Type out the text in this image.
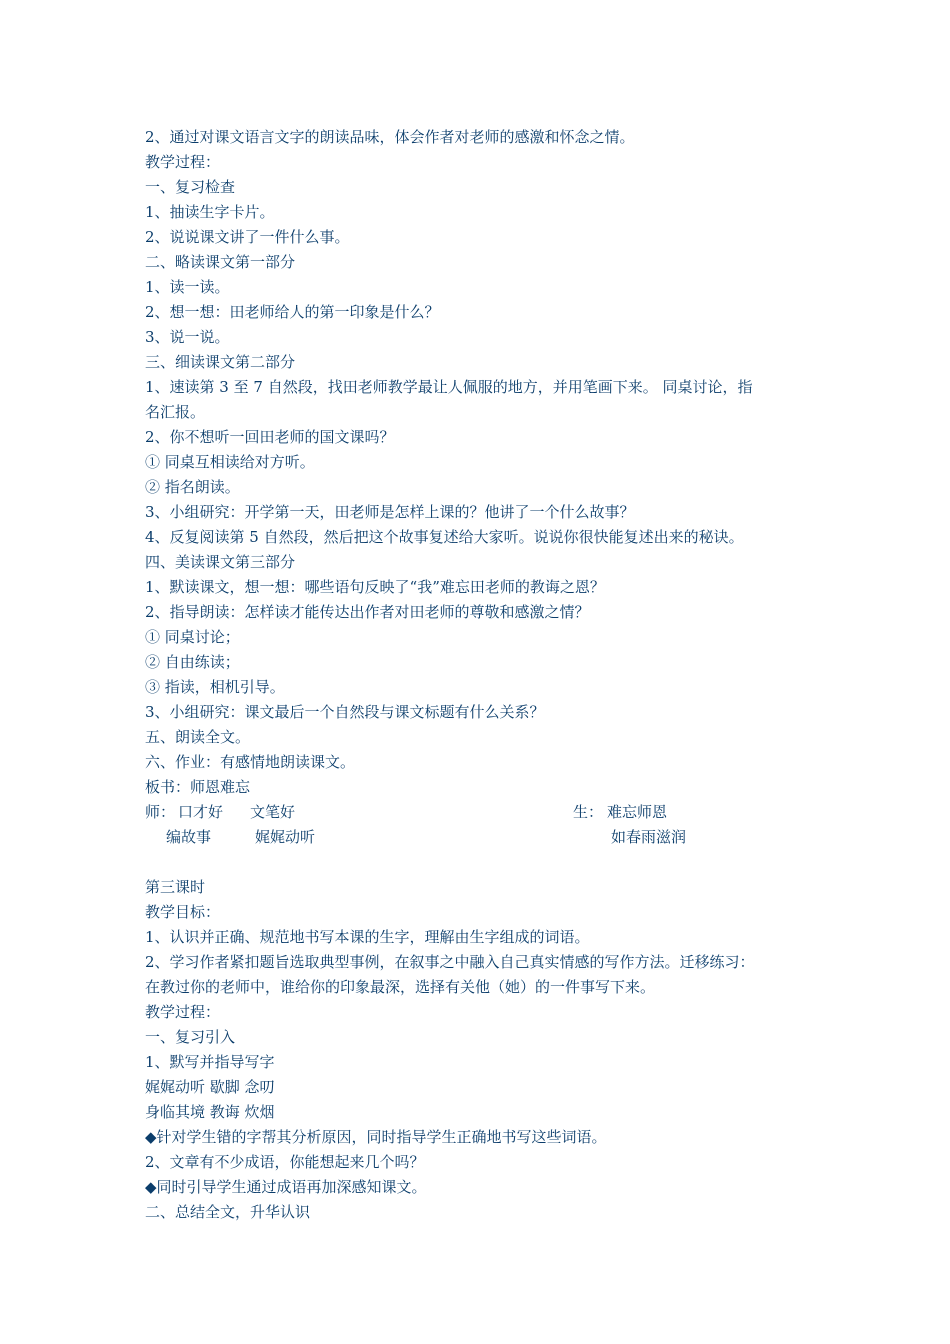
2、通过对课文语言文字的朗读品味，体会作者对老师的感激和怀念之情。
教学过程：
一、复习检查
1、抽读生字卡片。
2、说说课文讲了一件什么事。
二、略读课文第一部分
1、读一读。
2、想一想：田老师给人的第一印象是什么？
3、说一说。
三、细读课文第二部分
1、速读第 3 至 7 自然段，找田老师教学最让人佩服的地方，并用笔画下来。 同桌讨论，指
名汇报。
2、你不想听一回田老师的国文课吗？
① 同桌互相读给对方听。
② 指名朗读。
3、小组研究：开学第一天，田老师是怎样上课的？他讲了一个什么故事？
4、反复阅读第 5 自然段，然后把这个故事复述给大家听。说说你很快能复述出来的秘诀。
四、美读课文第三部分
1、默读课文，想一想：哪些语句反映了“我”难忘田老师的教诲之恩？
2、指导朗读：怎样读才能传达出作者对田老师的尊敬和感激之情？
① 同桌讨论；
② 自由练读；
③ 指读，相机引导。
3、小组研究：课文最后一个自然段与课文标题有什么关系？
五、朗读全文。
六、作业：有感情地朗读课文。
板书：师恩难忘
师： 口才好 文笔好	生： 难忘师恩
编故事	娓娓动听	如春雨滋润
第三课时
教学目标：
1、认识并正确、规范地书写本课的生字，理解由生字组成的词语。
2、学习作者紧扣题旨选取典型事例，在叙事之中融入自己真实情感的写作方法。迁移练习：
在教过你的老师中，谁给你的印象最深，选择有关他（她）的一件事写下来。
教学过程：
一、复习引入
1、默写并指导写字
娓娓动听 歇脚 念叨
身临其境 教诲 炊烟
◆针对学生错的字帮其分析原因，同时指导学生正确地书写这些词语。
2、文章有不少成语，你能想起来几个吗？
◆同时引导学生通过成语再加深感知课文。
二、总结全文，升华认识
